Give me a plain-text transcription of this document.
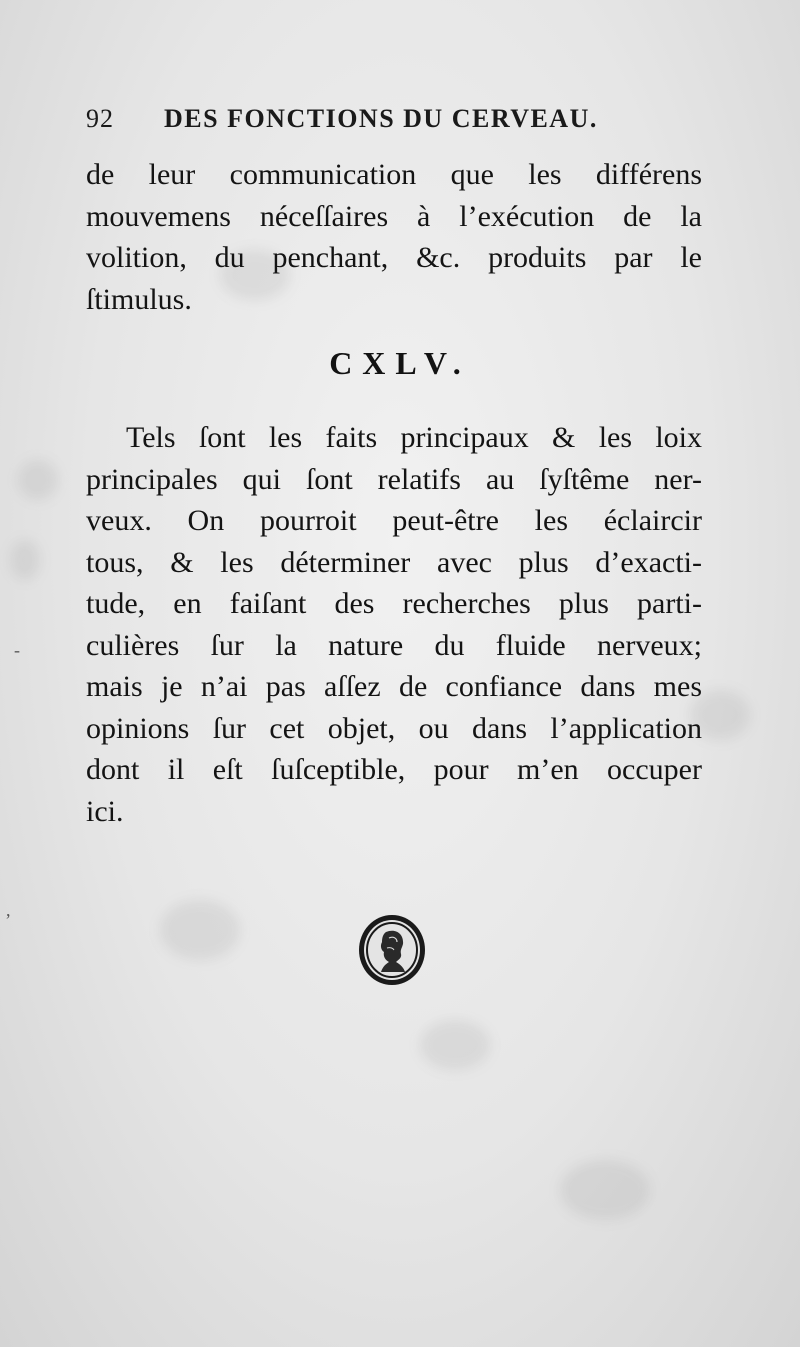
92 DES FONCTIONS DU CERVEAU.
de leur communication que les différens
mouvemens néceſſaires à l’exécution de la
volition, du penchant, &c. produits par le
ſtimulus.
CXLV.
Tels ſont les faits principaux & les loix
principales qui ſont relatifs au ſyſtême ner-
veux. On pourroit peut-être les éclaircir
tous, & les déterminer avec plus d’exacti-
tude, en faiſant des recherches plus parti-
culières ſur la nature du fluide nerveux;
mais je n’ai pas aſſez de confiance dans mes
opinions ſur cet objet, ou dans l’application
dont il eſt ſuſceptible, pour m’en occuper
ici.
-
,
